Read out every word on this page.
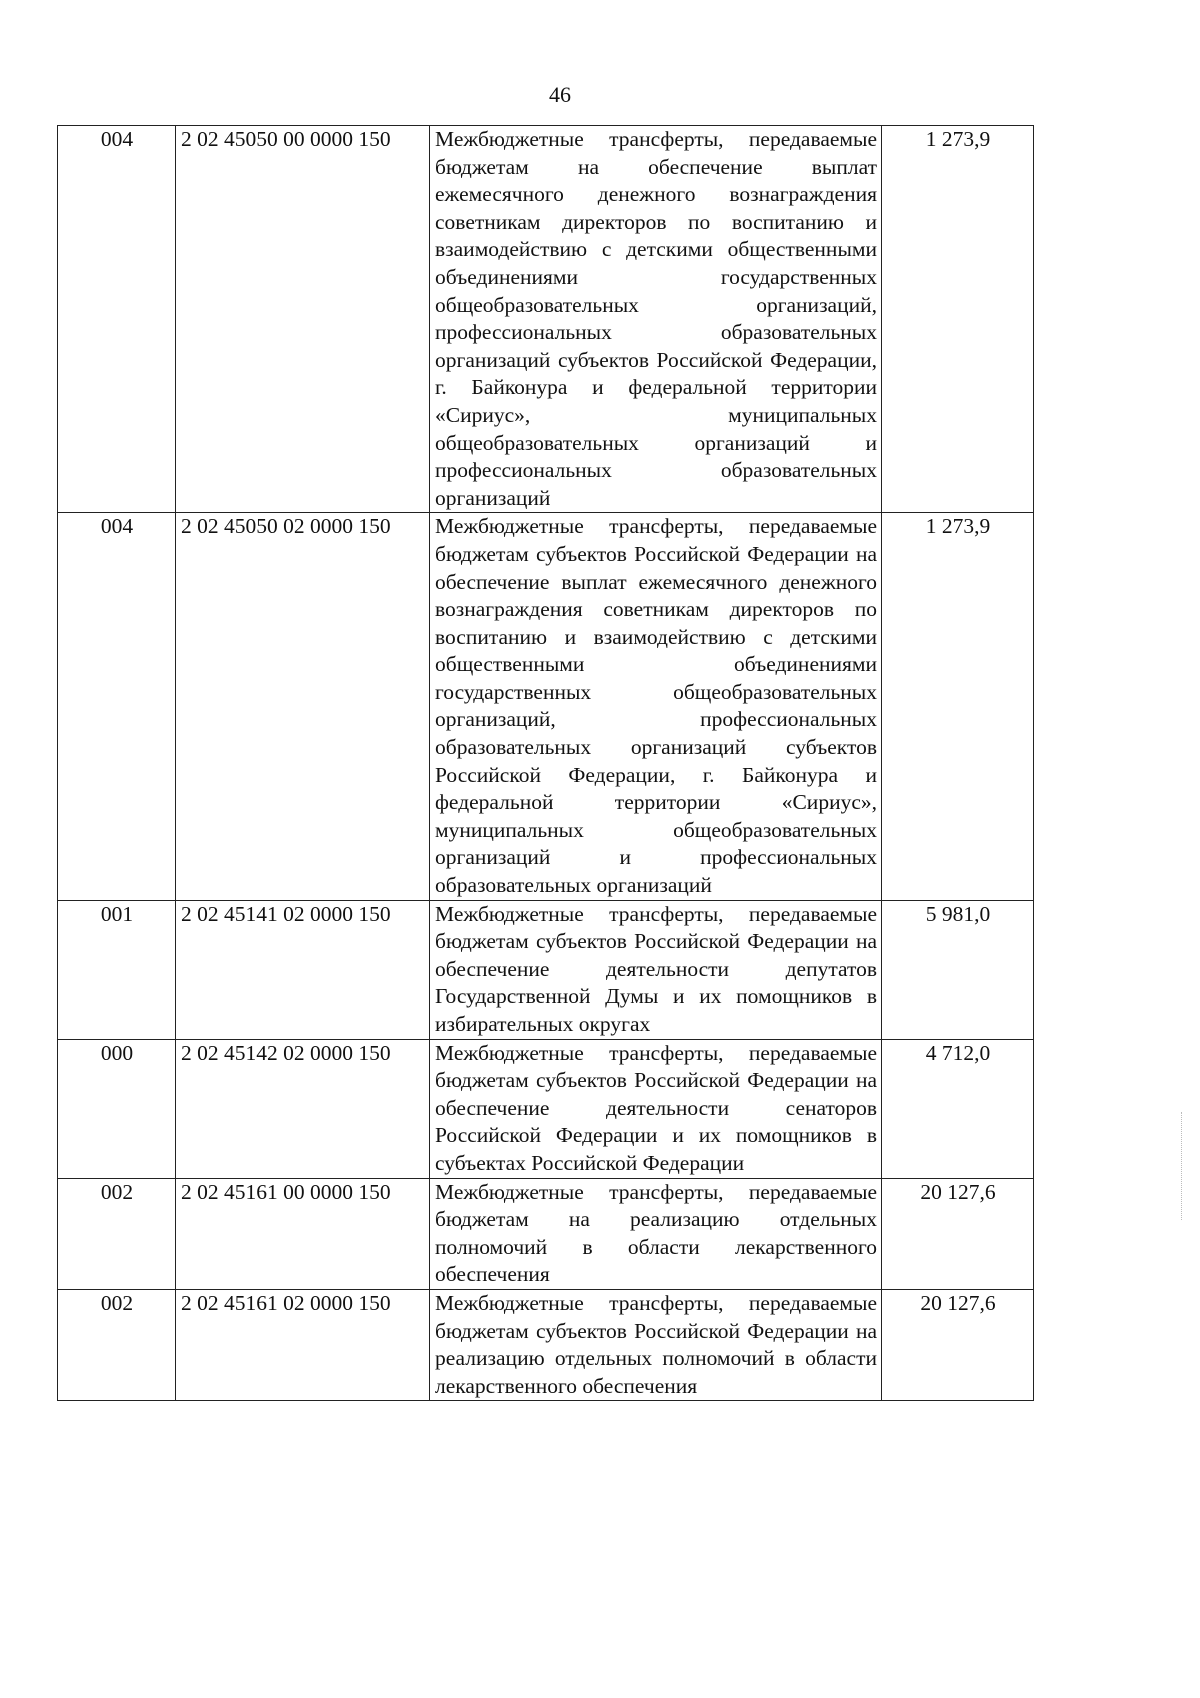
46
004	2 02 45050 00 0000 150	Межбюджетные трансферты, передаваемые бюджетам на обеспечение выплат ежемесячного денежного вознаграждения советникам директоров по воспитанию и взаимодействию с детскими общественными объединениями государственных общеобразовательных организаций, профессиональных образовательных организаций субъектов Российской Федерации, г. Байконура и федеральной территории «Сириус», муниципальных общеобразовательных организаций и профессиональных образовательных организаций	1 273,9
004	2 02 45050 02 0000 150	Межбюджетные трансферты, передаваемые бюджетам субъектов Российской Федерации на обеспечение выплат ежемесячного денежного вознаграждения советникам директоров по воспитанию и взаимодействию с детскими общественными объединениями государственных общеобразовательных организаций, профессиональных образовательных организаций субъектов Российской Федерации, г. Байконура и федеральной территории «Сириус», муниципальных общеобразовательных организаций и профессиональных образовательных организаций	1 273,9
001	2 02 45141 02 0000 150	Межбюджетные трансферты, передаваемые бюджетам субъектов Российской Федерации на обеспечение деятельности депутатов Государственной Думы и их помощников в избирательных округах	5 981,0
000	2 02 45142 02 0000 150	Межбюджетные трансферты, передаваемые бюджетам субъектов Российской Федерации на обеспечение деятельности сенаторов Российской Федерации и их помощников в субъектах Российской Федерации	4 712,0
002	2 02 45161 00 0000 150	Межбюджетные трансферты, передаваемые бюджетам на реализацию отдельных полномочий в области лекарственного обеспечения	20 127,6
002	2 02 45161 02 0000 150	Межбюджетные трансферты, передаваемые бюджетам субъектов Российской Федерации на реализацию отдельных полномочий в области лекарственного обеспечения	20 127,6
